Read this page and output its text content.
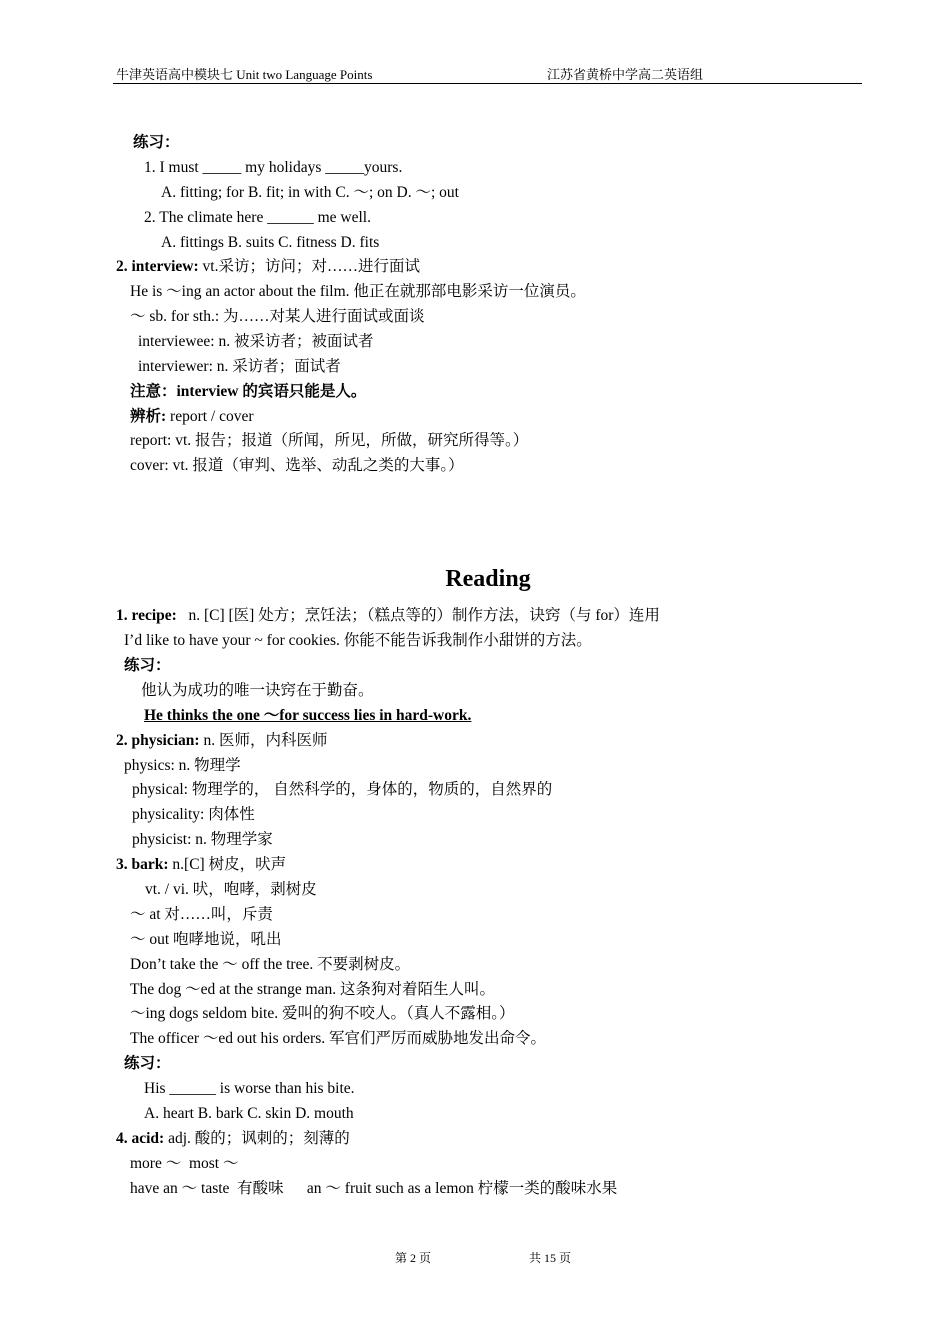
牛津英语高中模块七 Unit two Language Points	江苏省黄桥中学高二英语组
练习：
1. I must _____ my holidays _____yours.
A. fitting; for B. fit; in with C. ～; on D. ～; out
2. The climate here ______ me well.
A. fittings B. suits C. fitness D. fits
2. interview: vt.采访；访问；对……进行面试
He is ～ing an actor about the film. 他正在就那部电影采访一位演员。
～ sb. for sth.: 为……对某人进行面试或面谈
interviewee: n. 被采访者；被面试者
interviewer: n. 采访者；面试者
注意：interview 的宾语只能是人。
辨析: report / cover
report: vt. 报告；报道（所闻，所见，所做，研究所得等。）
cover: vt. 报道（审判、选举、动乱之类的大事。）
Reading
1. recipe:   n. [C] [医] 处方；烹饪法；（糕点等的）制作方法，诀窍（与 for）连用
I’d like to have your ~ for cookies. 你能不能告诉我制作小甜饼的方法。
练习：
他认为成功的唯一诀窍在于勤奋。
He thinks the one ～for success lies in hard-work.
2. physician: n. 医师，内科医师
physics: n. 物理学
physical: 物理学的， 自然科学的，身体的，物质的，自然界的
physicality: 肉体性
physicist: n. 物理学家
3. bark: n.[C] 树皮，吠声
vt. / vi. 吠，咆哮，剥树皮
～ at 对……叫，斥责
～ out 咆哮地说，吼出
Don’t take the ～ off the tree. 不要剥树皮。
The dog ～ed at the strange man. 这条狗对着陌生人叫。
～ing dogs seldom bite. 爱叫的狗不咬人。（真人不露相。）
The officer ～ed out his orders. 军官们严厉而威胁地发出命令。
练习：
His ______ is worse than his bite.
A. heart B. bark C. skin D. mouth
4. acid: adj. 酸的；讽刺的；刻薄的
more ～  most ～
have an ～ taste  有酸味      an ～ fruit such as a lemon 柠檬一类的酸味水果
第 2 页	共 15 页
